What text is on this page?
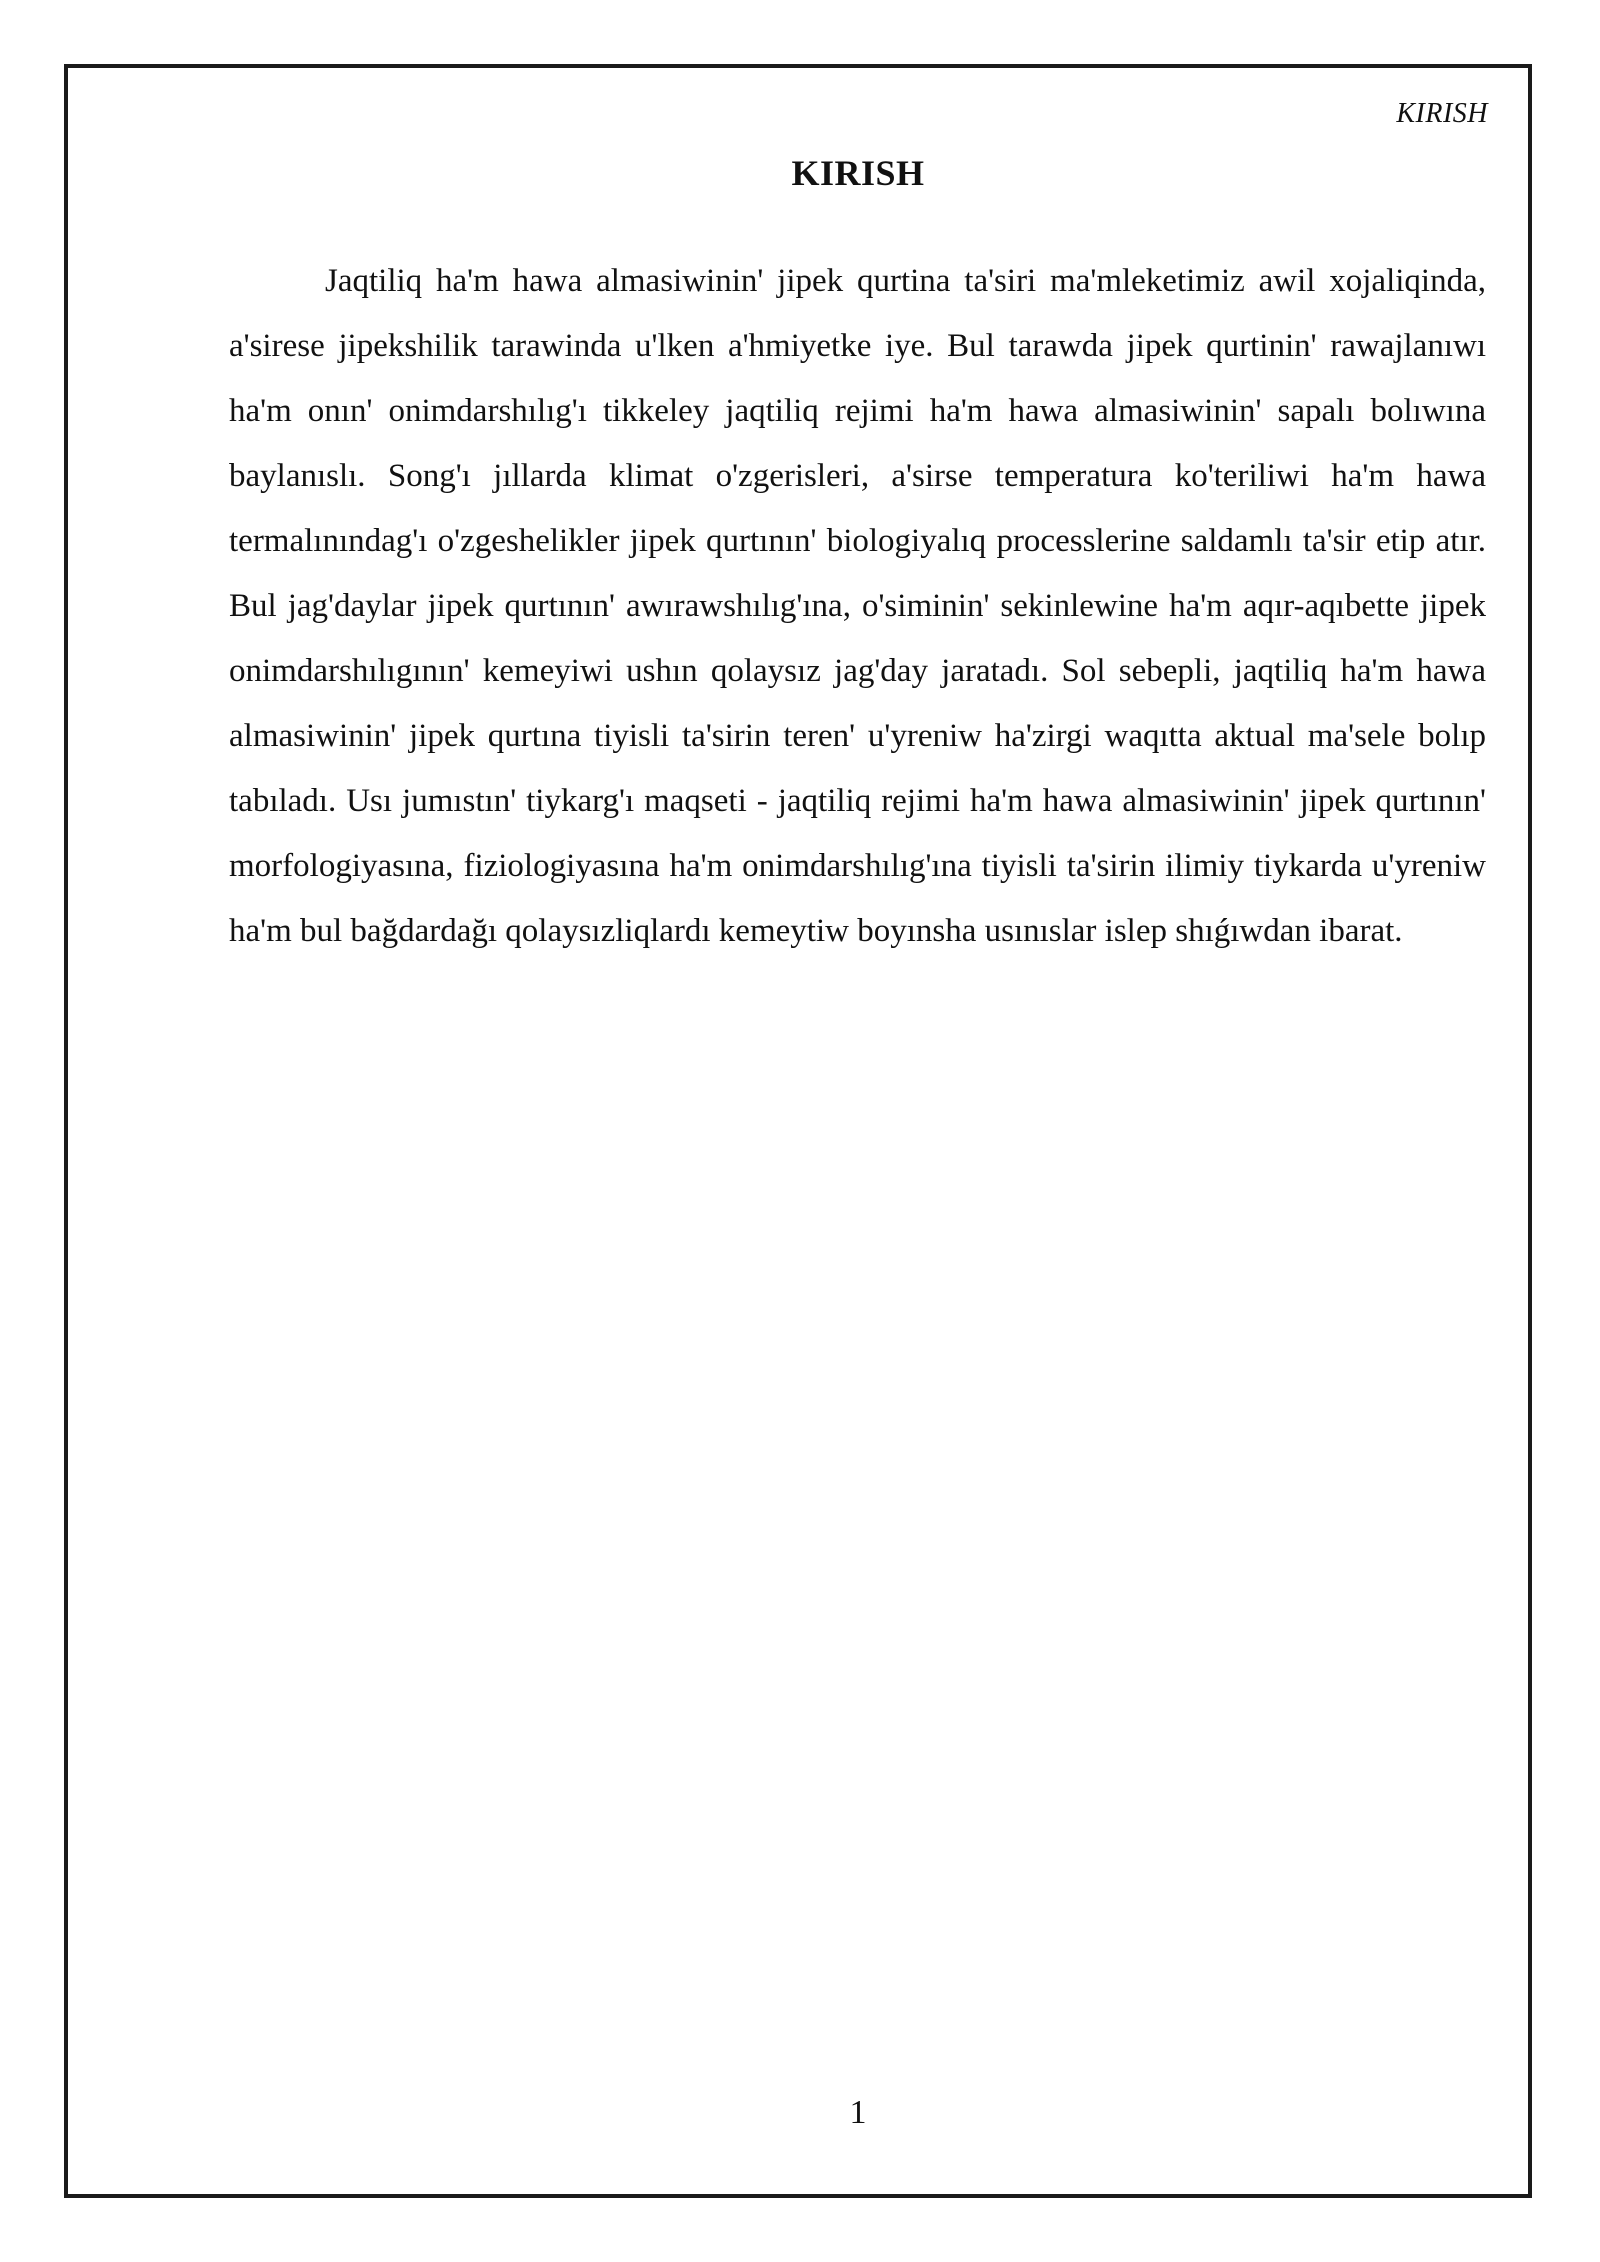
KIRISH
KIRISH

Jaqtiliq ha'm hawa almasiwinin' jipek qurtina ta'siri ma'mleketimiz awil xojaliqinda, a'sirese jipekshilik tarawinda u'lken a'hmiyetke iye. Bul tarawda jipek qurtinin' rawajlanıwı ha'm onın' onimdarshılıg'ı tikkeley jaqtiliq rejimi ha'm hawa almasiwinin' sapalı bolıwına baylanıslı. Song'ı jıllarda klimat o'zgerisleri, a'sirse temperatura ko'teriliwi ha'm hawa termalınındag'ı o'zgeshelikler jipek qurtının' biologiyalıq processlerine saldamlı ta'sir etip atır. Bul jag'daylar jipek qurtının' awırawshılıg'ına, o'siminin' sekinlewine ha'm aqır-aqıbette jipek onimdarshılıgının' kemeyiwi ushın qolaysız jag'day jaratadı. Sol sebepli, jaqtiliq ha'm hawa almasiwinin' jipek qurtına tiyisli ta'sirin teren' u'yreniw ha'zirgi waqıtta aktual ma'sele bolıp tabıladı. Usı jumıstın' tiykarg'ı maqseti - jaqtiliq rejimi ha'm hawa almasiwinin' jipek qurtının' morfologiyasına, fiziologiyasına ha'm onimdarshılıg'ına tiyisli ta'sirin ilimiy tiykarda u'yreniw ha'm bul bağdardağı qolaysızliqlardı kemeytiw boyınsha usınıslar islep shıǵıwdan ibarat.

1
